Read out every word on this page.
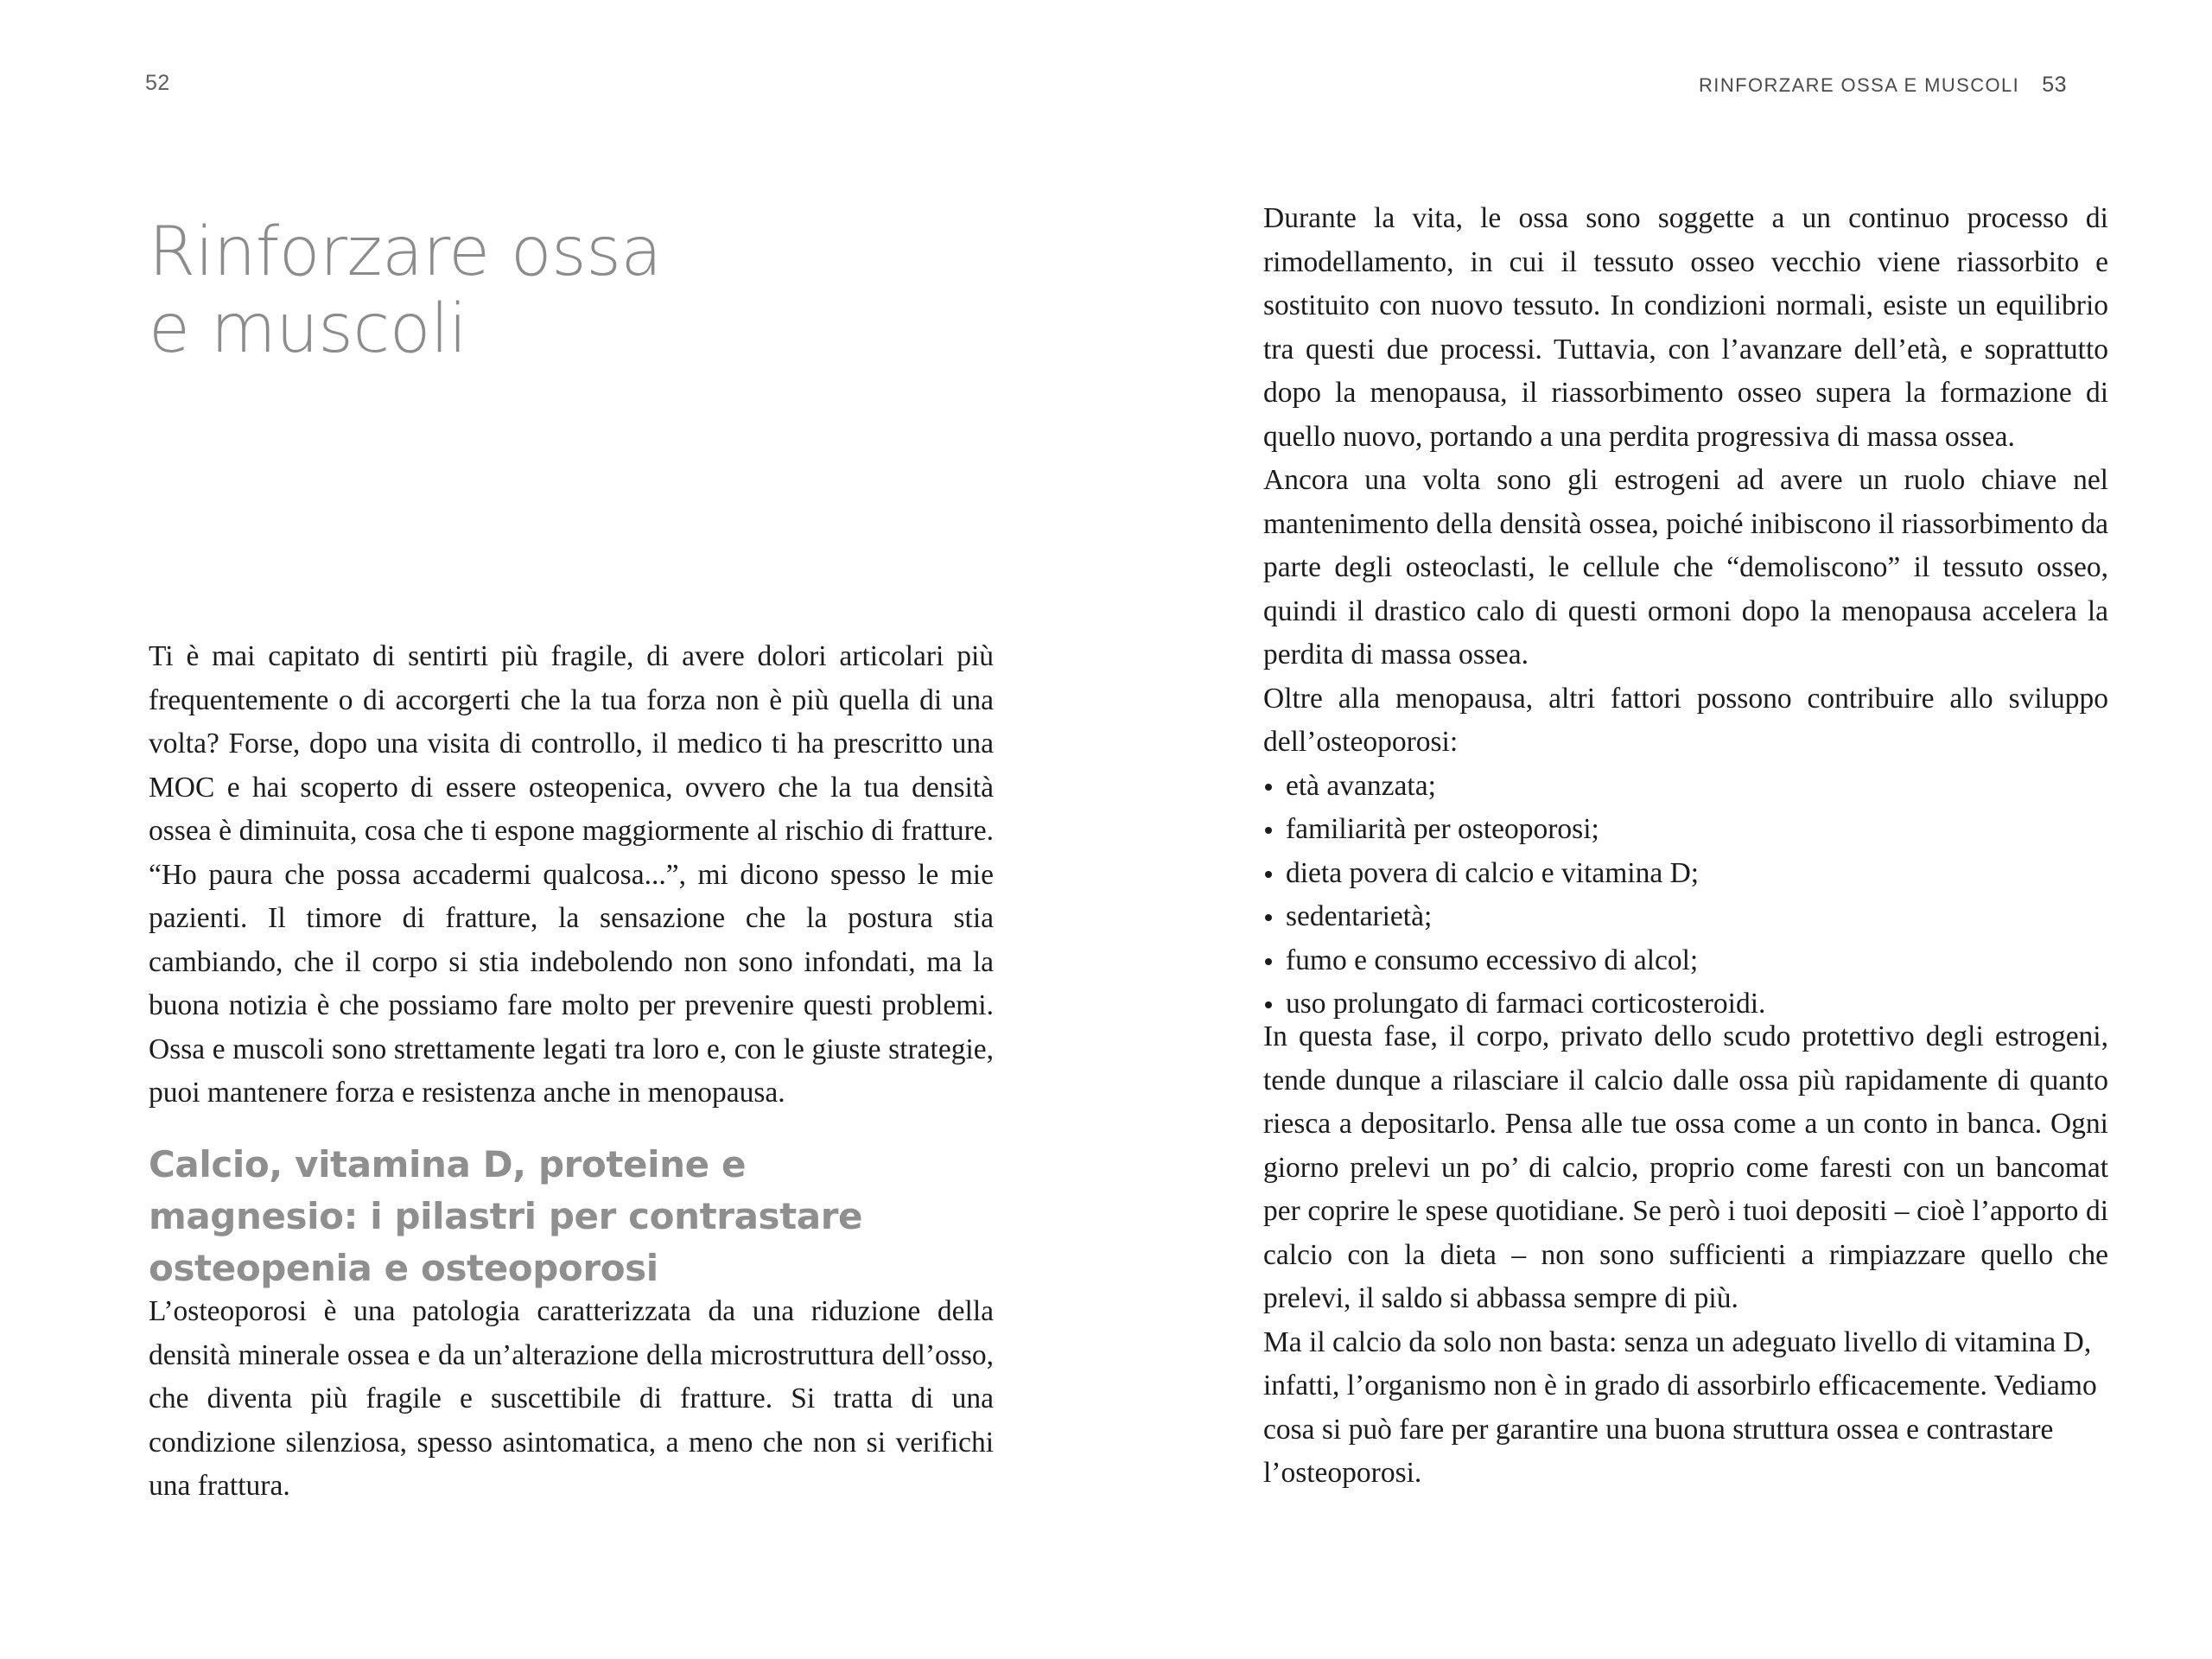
52	RINFORZARE OSSA E MUSCOLI 53
Rinforzare ossa
e muscoli

Ti è mai capitato di sentirti più fragile, di avere dolori articolari più frequentemente o di accorgerti che la tua forza non è più quella di una volta? Forse, dopo una visita di controllo, il medico ti ha prescritto una MOC e hai scoperto di essere osteopenica, ovvero che la tua densità ossea è diminuita, cosa che ti espone maggiormente al rischio di fratture. “Ho paura che possa accadermi qualcosa...”, mi dicono spesso le mie pazienti. Il timore di fratture, la sensazione che la postura stia cambiando, che il corpo si stia indebolendo non sono infondati, ma la buona notizia è che possiamo fare molto per prevenire questi problemi. Ossa e muscoli sono strettamente legati tra loro e, con le giuste strategie, puoi mantenere forza e resistenza anche in menopausa.

Calcio, vitamina D, proteine e
magnesio: i pilastri per contrastare
osteopenia e osteoporosi

L’osteoporosi è una patologia caratterizzata da una riduzione della densità minerale ossea e da un’alterazione della microstruttura dell’osso, che diventa più fragile e suscettibile di fratture. Si tratta di una condizione silenziosa, spesso asintomatica, a meno che non si verifichi una frattura.

Durante la vita, le ossa sono soggette a un continuo processo di rimodellamento, in cui il tessuto osseo vecchio viene riassorbito e sostituito con nuovo tessuto. In condizioni normali, esiste un equilibrio tra questi due processi. Tuttavia, con l’avanzare dell’età, e soprattutto dopo la menopausa, il riassorbimento osseo supera la formazione di quello nuovo, portando a una perdita progressiva di massa ossea.

Ancora una volta sono gli estrogeni ad avere un ruolo chiave nel mantenimento della densità ossea, poiché inibiscono il riassorbimento da parte degli osteoclasti, le cellule che “demoliscono” il tessuto osseo, quindi il drastico calo di questi ormoni dopo la menopausa accelera la perdita di massa ossea.

Oltre alla menopausa, altri fattori possono contribuire allo sviluppo dell’osteoporosi:

età avanzata;
familiarità per osteoporosi;
dieta povera di calcio e vitamina D;
sedentarietà;
fumo e consumo eccessivo di alcol;
uso prolungato di farmaci corticosteroidi.

In questa fase, il corpo, privato dello scudo protettivo degli estrogeni, tende dunque a rilasciare il calcio dalle ossa più rapidamente di quanto riesca a depositarlo. Pensa alle tue ossa come a un conto in banca. Ogni giorno prelevi un po’ di calcio, proprio come faresti con un bancomat per coprire le spese quotidiane. Se però i tuoi depositi – cioè l’apporto di calcio con la dieta – non sono sufficienti a rimpiazzare quello che prelevi, il saldo si abbassa sempre di più.

Ma il calcio da solo non basta: senza un adeguato livello di vitamina D, infatti, l’organismo non è in grado di assorbirlo efficacemente. Vediamo cosa si può fare per garantire una buona struttura ossea e contrastare l’osteoporosi.
